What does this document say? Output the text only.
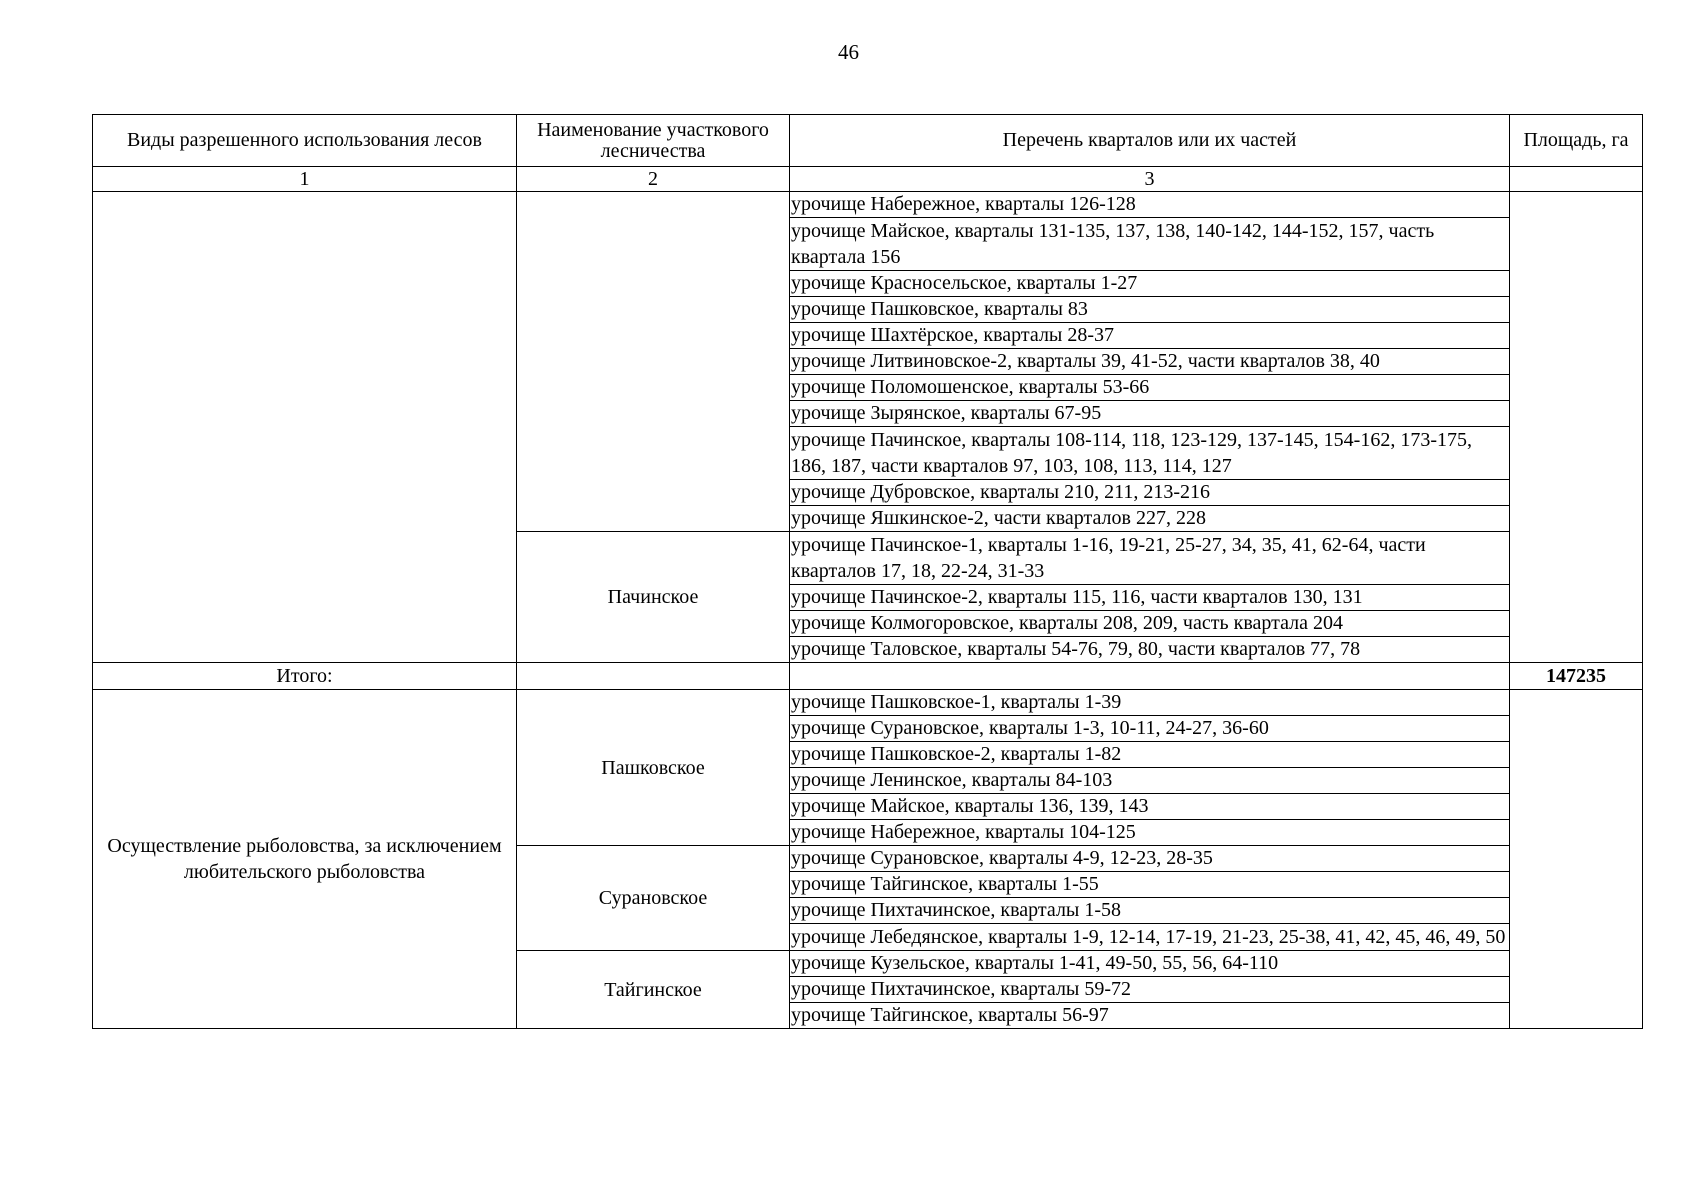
46
Виды разрешенного использования лесов	Наименование участкового лесничества	Перечень кварталов или их частей	Площадь, га
1	2	3	
		урочище Набережное, кварталы 126-128	
		урочище Майское, кварталы 131-135, 137, 138, 140-142, 144-152, 157, часть квартала 156	
		урочище Красносельское, кварталы 1-27	
		урочище Пашковское, кварталы 83	
		урочище Шахтёрское, кварталы 28-37	
		урочище Литвиновское-2, кварталы 39, 41-52, части кварталов 38, 40	
		урочище Поломошенское, кварталы 53-66	
		урочище Зырянское, кварталы 67-95	
		урочище Пачинское, кварталы 108-114, 118, 123-129, 137-145, 154-162, 173-175, 186, 187, части кварталов 97, 103, 108, 113, 114, 127	
		урочище Дубровское, кварталы 210, 211, 213-216	
		урочище Яшкинское-2, части кварталов 227, 228	
	Пачинское	урочище Пачинское-1, кварталы 1-16, 19-21, 25-27, 34, 35, 41, 62-64, части кварталов 17, 18, 22-24, 31-33	
		урочище Пачинское-2, кварталы 115, 116, части кварталов 130, 131	
		урочище Колмогоровское, кварталы 208, 209, часть квартала 204	
		урочище Таловское, кварталы 54-76, 79, 80, части кварталов 77, 78	
Итого:			147235
Осуществление рыболовства, за исключением любительского рыболовства	Пашковское	урочище Пашковское-1, кварталы 1-39	
		урочище Сурановское, кварталы 1-3, 10-11, 24-27, 36-60	
		урочище Пашковское-2, кварталы 1-82	
		урочище Ленинское, кварталы 84-103	
		урочище Майское, кварталы 136, 139, 143	
		урочище Набережное, кварталы 104-125	
	Сурановское	урочище Сурановское, кварталы 4-9, 12-23, 28-35	
		урочище Тайгинское, кварталы 1-55	
		урочище Пихтачинское, кварталы 1-58	
		урочище Лебедянское, кварталы 1-9, 12-14, 17-19, 21-23, 25-38, 41, 42, 45, 46, 49, 50	
	Тайгинское	урочище Кузельское, кварталы 1-41, 49-50, 55, 56, 64-110	
		урочище Пихтачинское, кварталы 59-72	
		урочище Тайгинское, кварталы 56-97	
